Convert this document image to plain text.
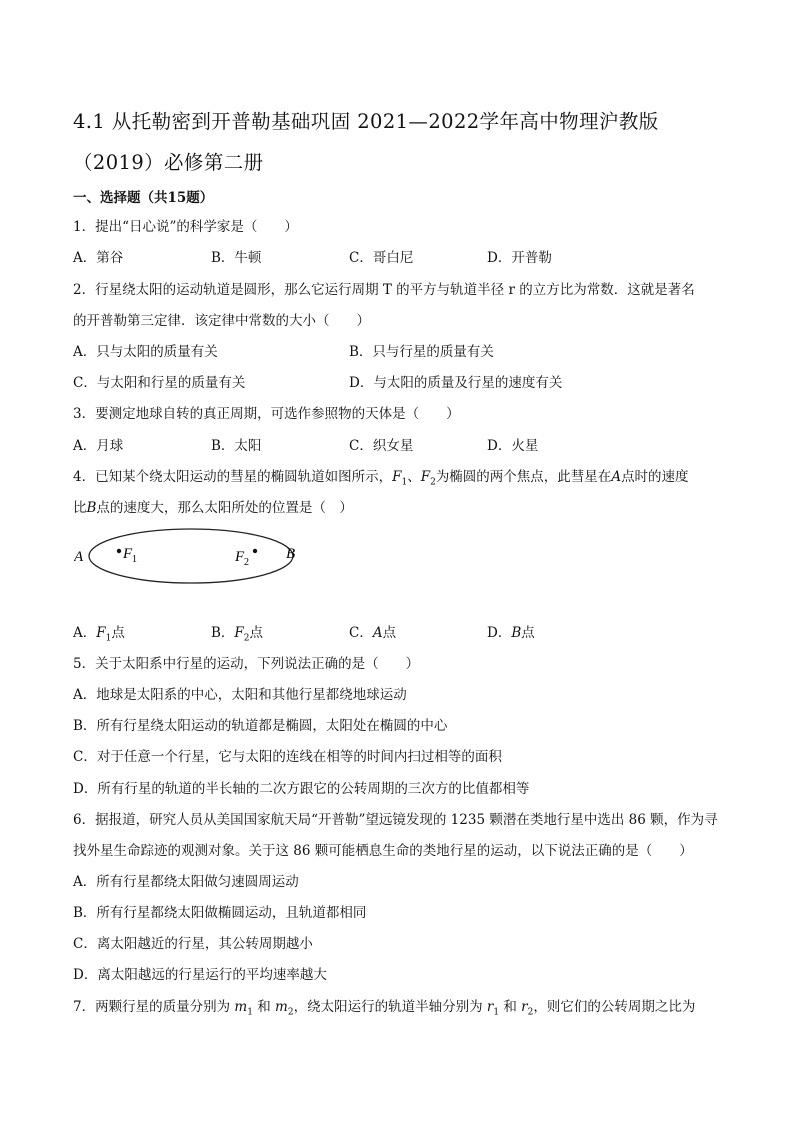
4.1 从托勒密到开普勒基础巩固 2021—2022学年高中物理沪教版
（2019）必修第二册
一、选择题（共15题）
1．提出“日心说”的科学家是（　　）
A．第谷	B．牛顿	C．哥白尼	D．开普勒
2．行星绕太阳的运动轨道是圆形，那么它运行周期 T 的平方与轨道半径 r 的立方比为常数．这就是著名
的开普勒第三定律．该定律中常数的大小（　　）
A．只与太阳的质量有关	B．只与行星的质量有关
C．与太阳和行星的质量有关	D．与太阳的质量及行星的速度有关
3．要测定地球自转的真正周期，可选作参照物的天体是（　　）
A．月球	B．太阳	C．织女星	D．火星
4．已知某个绕太阳运动的彗星的椭圆轨道如图所示，$F_1$、$F_2$为椭圆的两个焦点，此彗星在A点时的速度
比B点的速度大，那么太阳所处的位置是（　）
A	B
F 1	F 2
A．$F_1$点	B．$F_2$点	C．A点	D．B点
5．关于太阳系中行星的运动，下列说法正确的是（　　）
A．地球是太阳系的中心，太阳和其他行星都绕地球运动
B．所有行星绕太阳运动的轨道都是椭圆，太阳处在椭圆的中心
C．对于任意一个行星，它与太阳的连线在相等的时间内扫过相等的面积
D．所有行星的轨道的半长轴的二次方跟它的公转周期的三次方的比值都相等
6．据报道，研究人员从美国国家航天局“开普勒”望远镜发现的 1235 颗潜在类地行星中选出 86 颗，作为寻
找外星生命踪迹的观测对象。关于这 86 颗可能栖息生命的类地行星的运动，以下说法正确的是（　　）
A．所有行星都绕太阳做匀速圆周运动
B．所有行星都绕太阳做椭圆运动，且轨道都相同
C．离太阳越近的行星，其公转周期越小
D．离太阳越远的行星运行的平均速率越大
7．两颗行星的质量分别为 $m_1$ 和 $m_2$，绕太阳运行的轨道半轴分别为 $r_1$ 和 $r_2$，则它们的公转周期之比为
